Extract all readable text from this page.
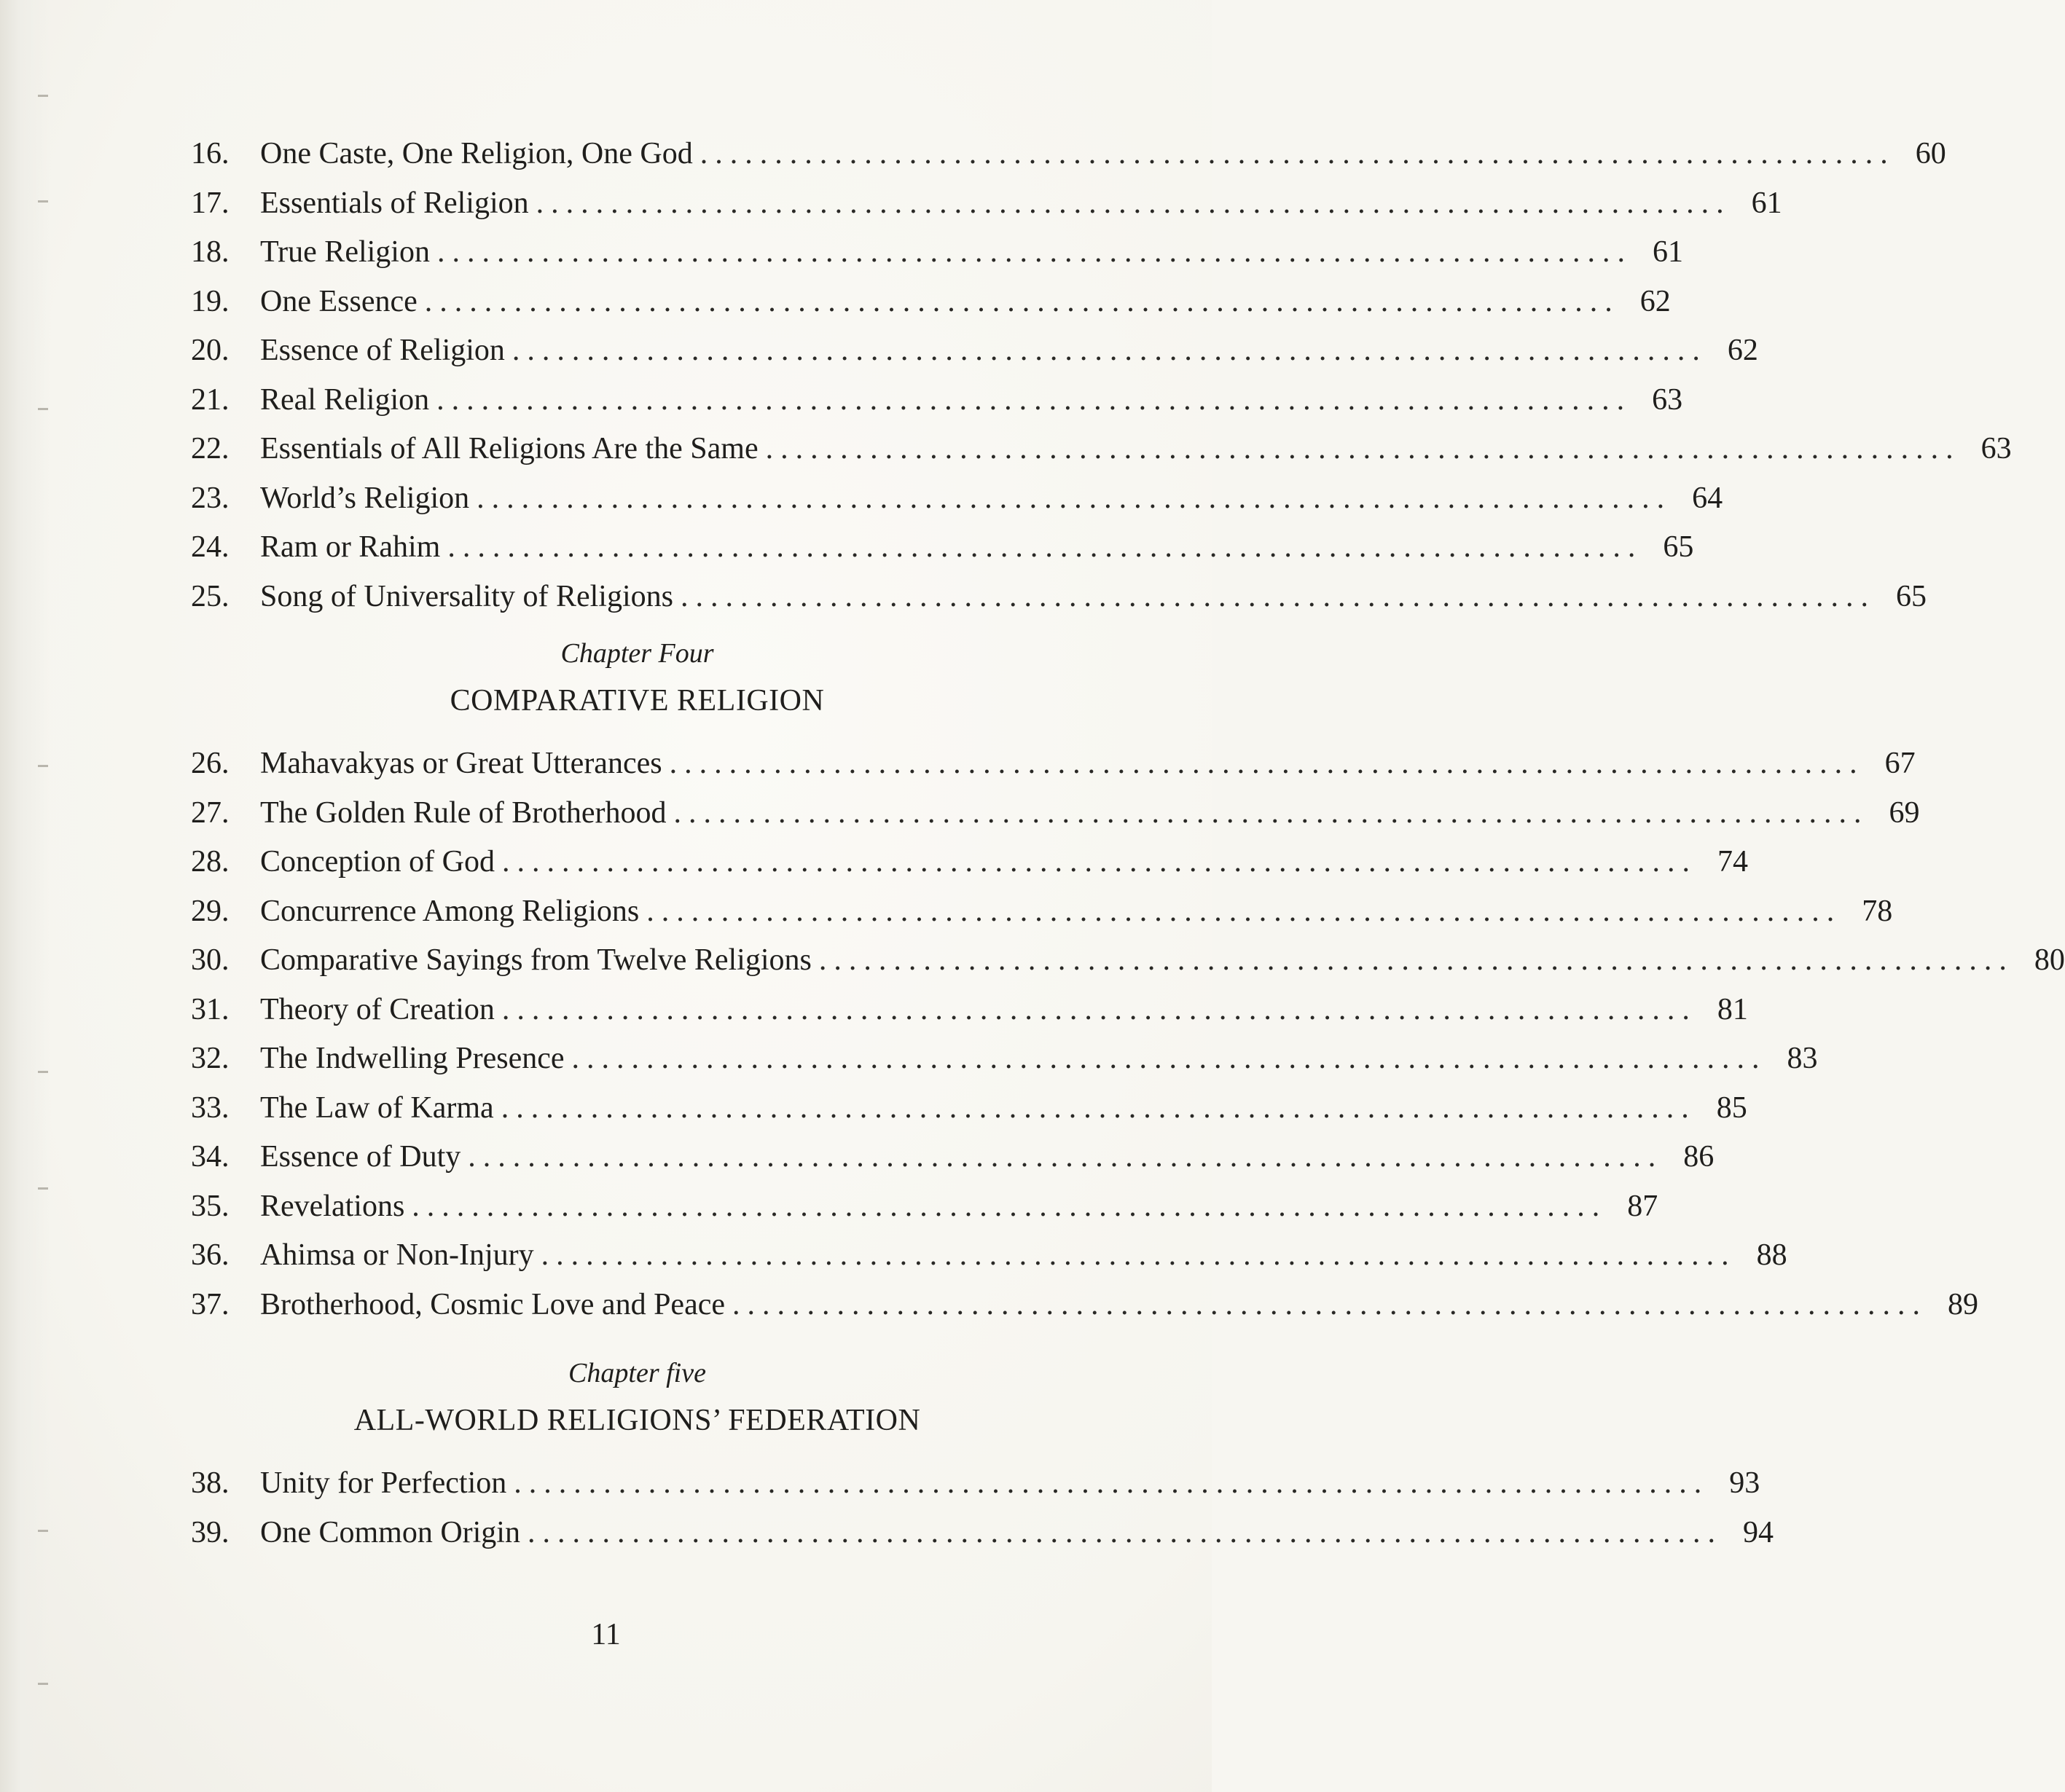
16.	One Caste, One Religion, One God ................................................................................ 60
17.	Essentials of Religion ................................................................................ 61
18.	True Religion ................................................................................ 61
19.	One Essence ................................................................................ 62
20.	Essence of Religion ................................................................................ 62
21.	Real Religion ................................................................................ 63
22.	Essentials of All Religions Are the Same ................................................................................ 63
23.	World’s Religion ................................................................................ 64
24.	Ram or Rahim ................................................................................ 65
25.	Song of Universality of Religions ................................................................................ 65
Chapter Four
COMPARATIVE RELIGION
26.	Mahavakyas or Great Utterances ................................................................................ 67
27.	The Golden Rule of Brotherhood ................................................................................ 69
28.	Conception of God ................................................................................ 74
29.	Concurrence Among Religions ................................................................................ 78
30.	Comparative Sayings from Twelve Religions ................................................................................ 80
31.	Theory of Creation ................................................................................ 81
32.	The Indwelling Presence ................................................................................ 83
33.	The Law of Karma ................................................................................ 85
34.	Essence of Duty ................................................................................ 86
35.	Revelations ................................................................................ 87
36.	Ahimsa or Non-Injury ................................................................................ 88
37.	Brotherhood, Cosmic Love and Peace ................................................................................ 89
Chapter five
ALL-WORLD RELIGIONS’ FEDERATION
38.	Unity for Perfection ................................................................................ 93
39.	One Common Origin ................................................................................ 94
11
